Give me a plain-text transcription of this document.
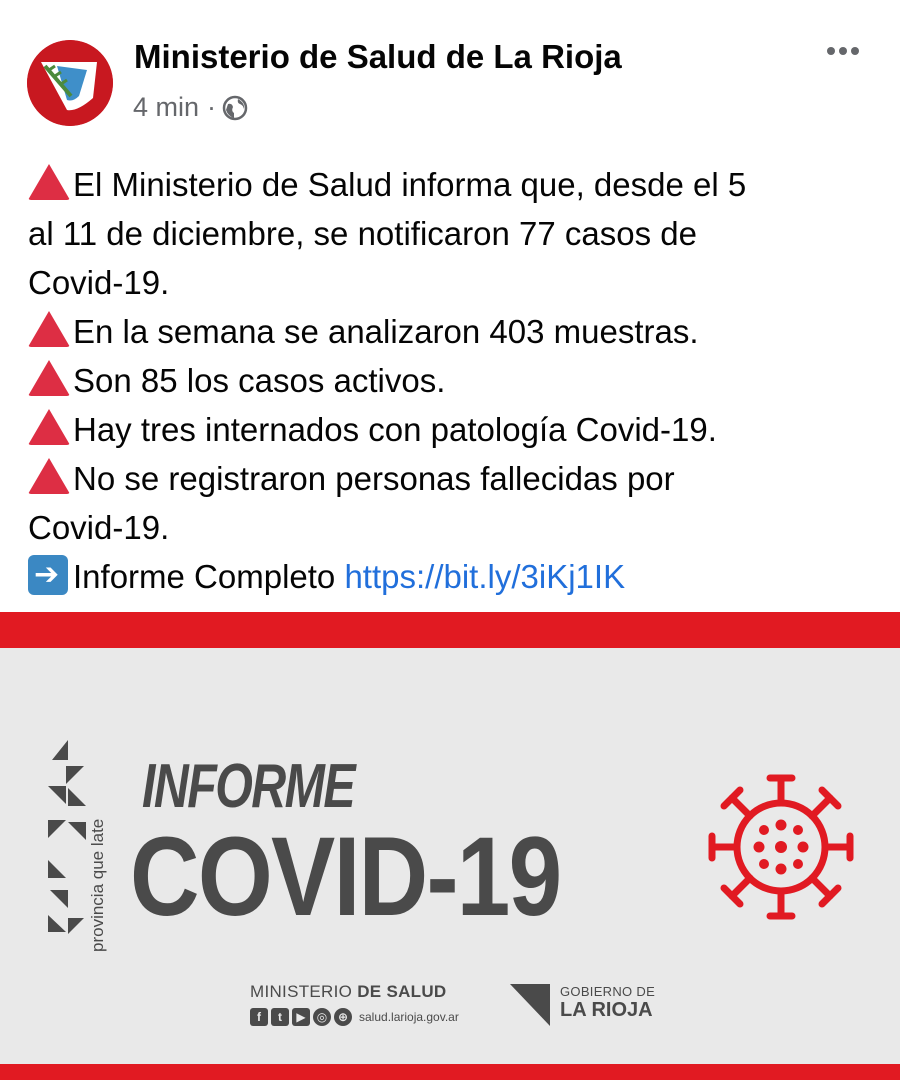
Ministerio de Salud de La Rioja
4 min ·
El Ministerio de Salud informa que, desde el 5
al 11 de diciembre, se notificaron 77 casos de
Covid-19.
En la semana se analizaron 403 muestras.
Son 85 los casos activos.
Hay tres internados con patología Covid-19.
No se registraron personas fallecidas por
Covid-19.
➔Informe Completo https://bit.ly/3iKj1IK
provincia que late
INFORME
COVID-19
MINISTERIO DE SALUD
f	t	▶ ◎ ⊕ salud.larioja.gov.ar
GOBIERNO DE
LA RIOJA
